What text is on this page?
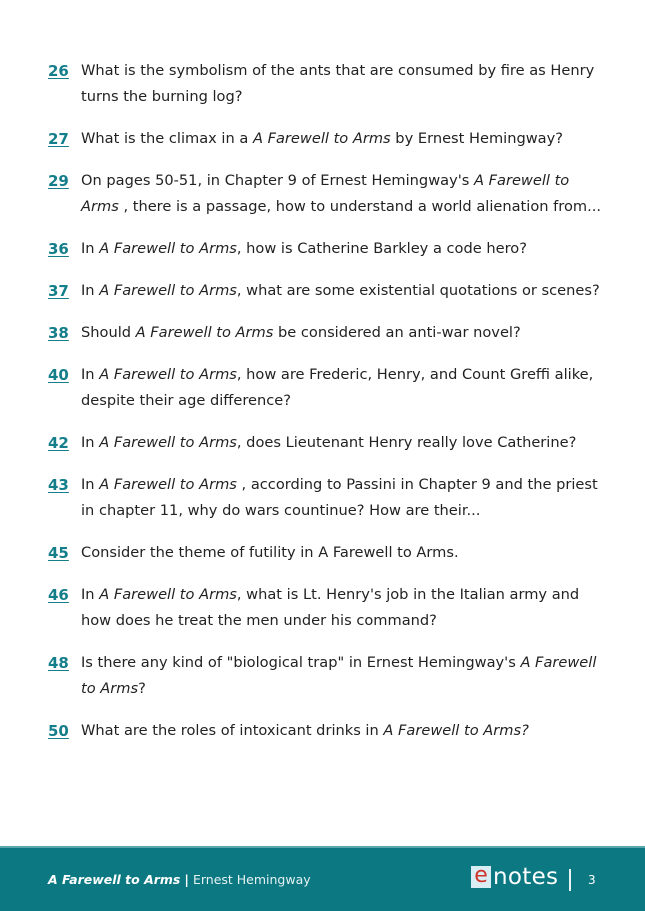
26 What is the symbolism of the ants that are consumed by fire as Henry turns the burning log?
27 What is the climax in a A Farewell to Arms by Ernest Hemingway?
29 On pages 50-51, in Chapter 9 of Ernest Hemingway's A Farewell to Arms , there is a passage, how to understand a world alienation from...
36 In A Farewell to Arms, how is Catherine Barkley a code hero?
37 In A Farewell to Arms, what are some existential quotations or scenes?
38 Should A Farewell to Arms be considered an anti-war novel?
40 In A Farewell to Arms, how are Frederic, Henry, and Count Greffi alike, despite their age difference?
42 In A Farewell to Arms, does Lieutenant Henry really love Catherine?
43 In A Farewell to Arms , according to Passini in Chapter 9 and the priest in chapter 11, why do wars countinue? How are their...
45 Consider the theme of futility in A Farewell to Arms.
46 In A Farewell to Arms, what is Lt. Henry's job in the Italian army and how does he treat the men under his command?
48 Is there any kind of "biological trap" in Ernest Hemingway's A Farewell to Arms?
50 What are the roles of intoxicant drinks in A Farewell to Arms?
A Farewell to Arms | Ernest Hemingway	e notes 3
